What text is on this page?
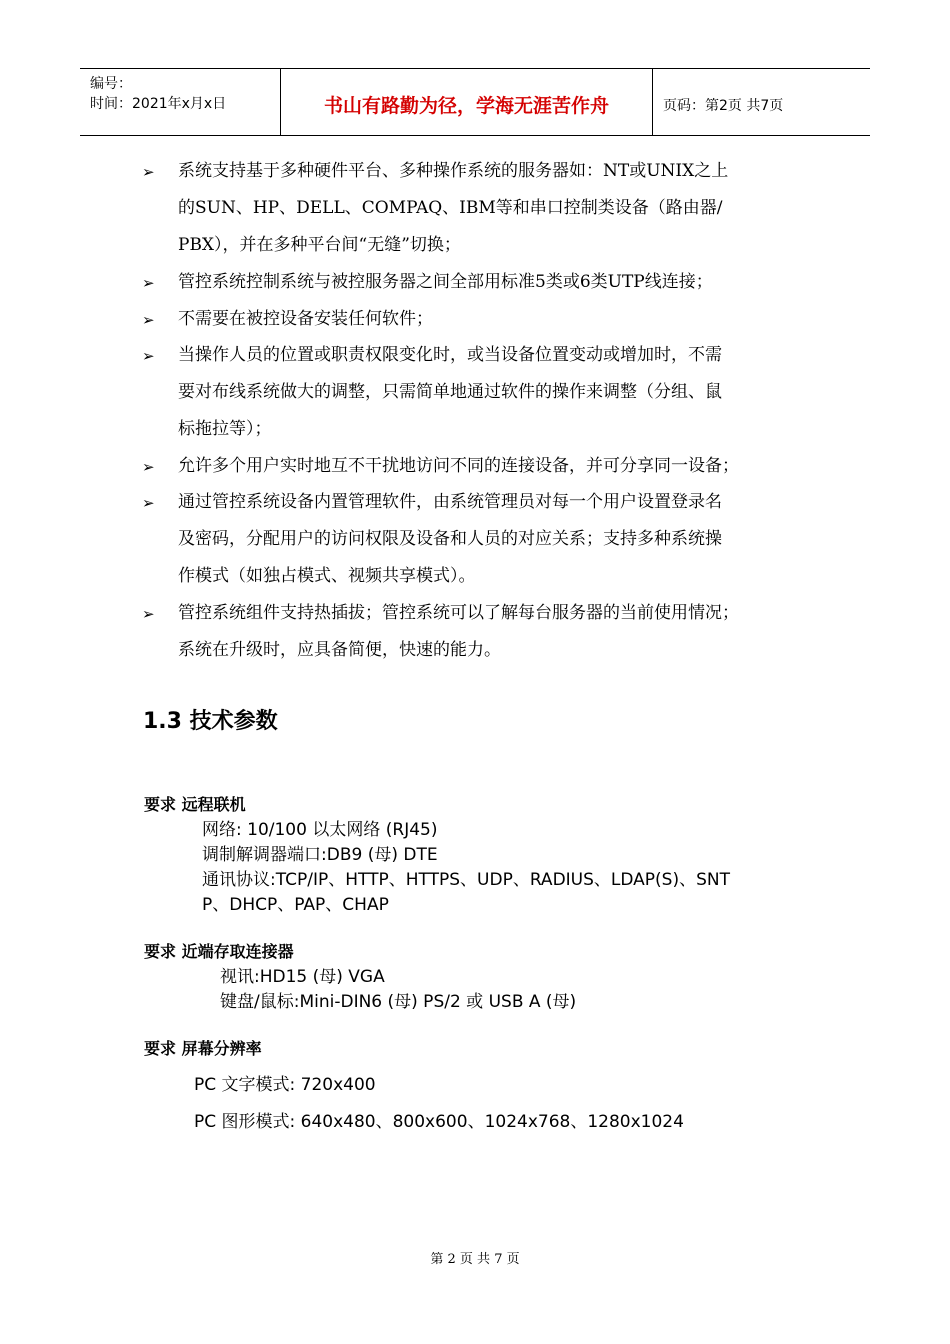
编号：
时间：2021年x月x日	书山有路勤为径，学海无涯苦作舟	页码：第2页 共7页
➢ 系统支持基于多种硬件平台、多种操作系统的服务器如：NT或UNIX之上
的SUN、HP、DELL、COMPAQ、IBM等和串口控制类设备（路由器/
PBX），并在多种平台间“无缝”切换；
➢ 管控系统控制系统与被控服务器之间全部用标准5类或6类UTP线连接；
➢ 不需要在被控设备安装任何软件；
➢ 当操作人员的位置或职责权限变化时，或当设备位置变动或增加时，不需
要对布线系统做大的调整，只需简单地通过软件的操作来调整（分组、鼠
标拖拉等）；
➢ 允许多个用户实时地互不干扰地访问不同的连接设备，并可分享同一设备；
➢ 通过管控系统设备内置管理软件，由系统管理员对每一个用户设置登录名
及密码，分配用户的访问权限及设备和人员的对应关系；支持多种系统操
作模式（如独占模式、视频共享模式）。
➢ 管控系统组件支持热插拔；管控系统可以了解每台服务器的当前使用情况；
系统在升级时，应具备简便，快速的能力。
1.3 技术参数
要求 远程联机
网络: 10/100 以太网络 (RJ45)
调制解调器端口:DB9 (母) DTE
通讯协议:TCP/IP、HTTP、HTTPS、UDP、RADIUS、LDAP(S)、SNT
P、DHCP、PAP、CHAP
要求 近端存取连接器
视讯:HD15 (母) VGA
键盘/鼠标:Mini-DIN6 (母) PS/2 或 USB A (母)
要求 屏幕分辨率
PC 文字模式: 720x400
PC 图形模式: 640x480、800x600、1024x768、1280x1024
第 2 页 共 7 页
